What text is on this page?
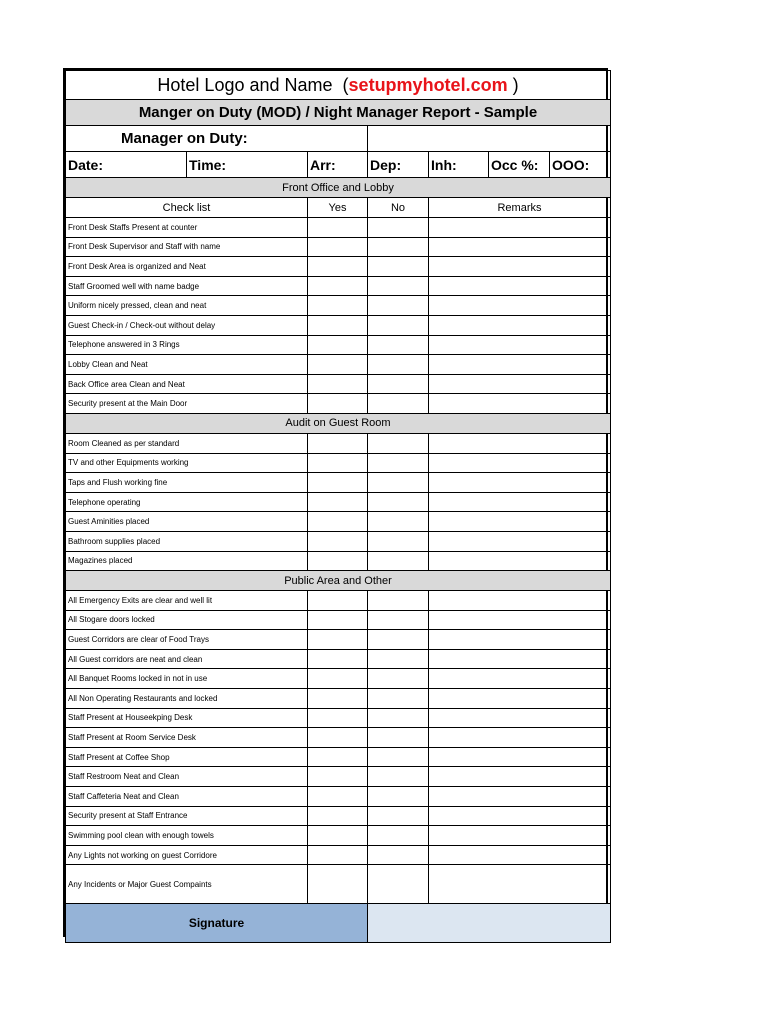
Hotel Logo and Name (setupmyhotel.com )						
Manger on Duty (MOD) / Night Manager Report - Sample						
Manager on Duty:						
Date:	Time:	Arr:	Dep:	Inh:	Occ %:	OOO:
Front Office and Lobby						
Check list		Yes	No	Remarks		
Front Desk Staffs Present at counter						
Front Desk Supervisor and Staff with name						
Front Desk Area is organized and Neat						
Staff Groomed well with name badge						
Uniform nicely pressed, clean and neat						
Guest Check-in / Check-out without delay						
Telephone answered in 3 Rings						
Lobby Clean and Neat						
Back Office area Clean and Neat						
Security present at the Main Door						
Audit on Guest Room						
Room Cleaned as per standard						
TV and other Equipments working						
Taps and Flush working fine						
Telephone operating						
Guest Aminities placed						
Bathroom supplies placed						
Magazines placed						
Public Area and Other						
All Emergency Exits are clear and well lit						
All Stogare doors locked						
Guest Corridors are clear of Food Trays						
All Guest corridors are neat and clean						
All Banquet Rooms locked in not in use						
All Non Operating Restaurants and locked						
Staff Present at Houseekping Desk						
Staff Present at Room Service Desk						
Staff Present at Coffee Shop						
Staff Restroom Neat and Clean						
Staff Caffeteria Neat and Clean						
Security present at Staff Entrance						
Swimming pool clean with enough towels						
Any Lights not working on guest Corridore						
Any Incidents or Major Guest Compaints						
Signature						
